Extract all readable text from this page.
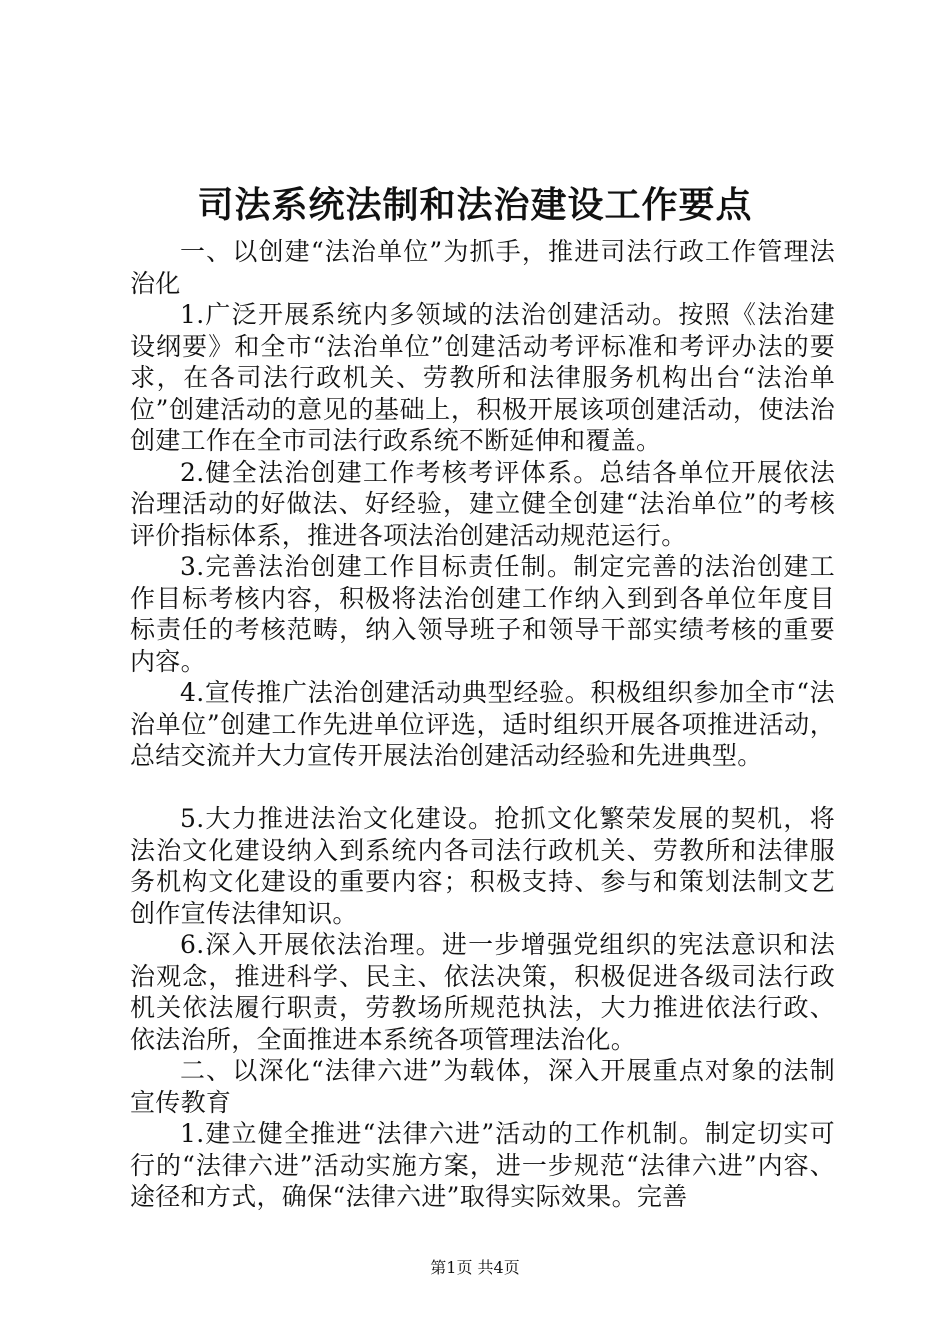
司法系统法制和法治建设工作要点

一、以创建“法治单位”为抓手，推进司法行政工作管理法治化

1.广泛开展系统内多领域的法治创建活动。按照《法治建设纲要》和全市“法治单位”创建活动考评标准和考评办法的要求，在各司法行政机关、劳教所和法律服务机构出台“法治单位”创建活动的意见的基础上，积极开展该项创建活动，使法治创建工作在全市司法行政系统不断延伸和覆盖。

2.健全法治创建工作考核考评体系。总结各单位开展依法治理活动的好做法、好经验，建立健全创建“法治单位”的考核评价指标体系，推进各项法治创建活动规范运行。

3.完善法治创建工作目标责任制。制定完善的法治创建工作目标考核内容，积极将法治创建工作纳入到到各单位年度目标责任的考核范畴，纳入领导班子和领导干部实绩考核的重要内容。

4.宣传推广法治创建活动典型经验。积极组织参加全市“法治单位”创建工作先进单位评选，适时组织开展各项推进活动，总结交流并大力宣传开展法治创建活动经验和先进典型。

5.大力推进法治文化建设。抢抓文化繁荣发展的契机，将法治文化建设纳入到系统内各司法行政机关、劳教所和法律服务机构文化建设的重要内容；积极支持、参与和策划法制文艺创作宣传法律知识。

6.深入开展依法治理。进一步增强党组织的宪法意识和法治观念，推进科学、民主、依法决策，积极促进各级司法行政机关依法履行职责，劳教场所规范执法，大力推进依法行政、依法治所，全面推进本系统各项管理法治化。

二、以深化“法律六进”为载体，深入开展重点对象的法制宣传教育

1.建立健全推进“法律六进”活动的工作机制。制定切实可行的“法律六进”活动实施方案，进一步规范“法律六进”内容、途径和方式，确保“法律六进”取得实际效果。完善

第1页 共4页
